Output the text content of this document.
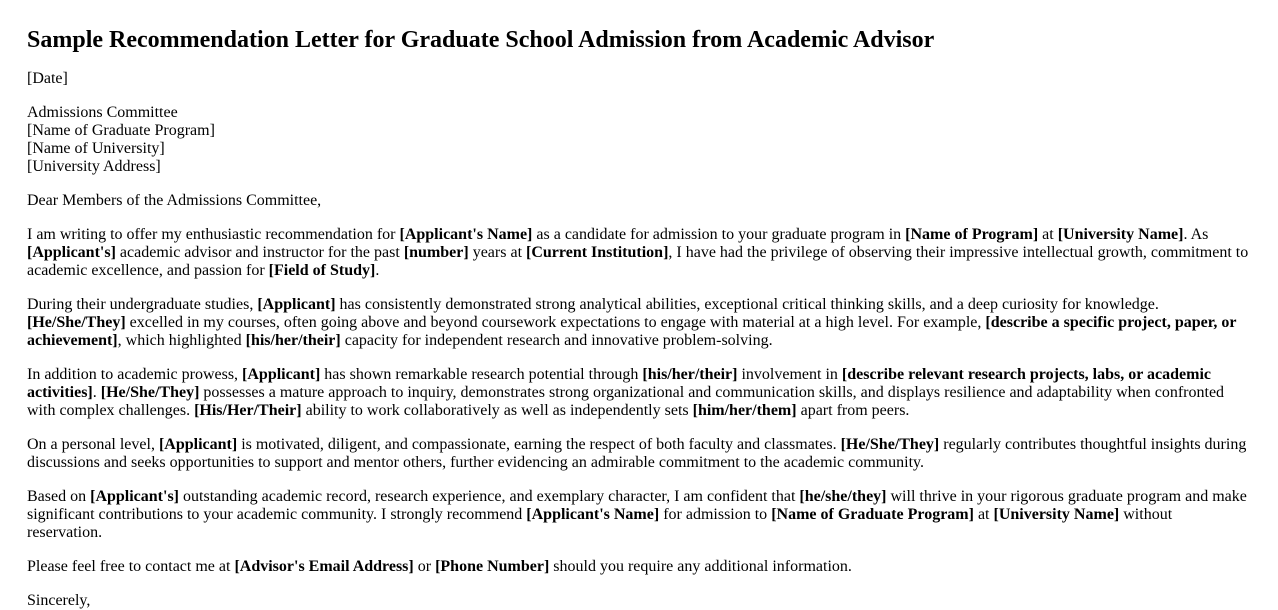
Sample Recommendation Letter for Graduate School Admission from Academic Advisor

[Date]

Admissions Committee
[Name of Graduate Program]
[Name of University]
[University Address]

Dear Members of the Admissions Committee,

I am writing to offer my enthusiastic recommendation for [Applicant's Name] as a candidate for admission to your graduate program in [Name of Program] at [University Name]. As [Applicant's] academic advisor and instructor for the past [number] years at [Current Institution], I have had the privilege of observing their impressive intellectual growth, commitment to academic excellence, and passion for [Field of Study].

During their undergraduate studies, [Applicant] has consistently demonstrated strong analytical abilities, exceptional critical thinking skills, and a deep curiosity for knowledge. [He/She/They] excelled in my courses, often going above and beyond coursework expectations to engage with material at a high level. For example, [describe a specific project, paper, or achievement], which highlighted [his/her/their] capacity for independent research and innovative problem-solving.

In addition to academic prowess, [Applicant] has shown remarkable research potential through [his/her/their] involvement in [describe relevant research projects, labs, or academic activities]. [He/She/They] possesses a mature approach to inquiry, demonstrates strong organizational and communication skills, and displays resilience and adaptability when confronted with complex challenges. [His/Her/Their] ability to work collaboratively as well as independently sets [him/her/them] apart from peers.

On a personal level, [Applicant] is motivated, diligent, and compassionate, earning the respect of both faculty and classmates. [He/She/They] regularly contributes thoughtful insights during discussions and seeks opportunities to support and mentor others, further evidencing an admirable commitment to the academic community.

Based on [Applicant's] outstanding academic record, research experience, and exemplary character, I am confident that [he/she/they] will thrive in your rigorous graduate program and make significant contributions to your academic community. I strongly recommend [Applicant's Name] for admission to [Name of Graduate Program] at [University Name] without reservation.

Please feel free to contact me at [Advisor's Email Address] or [Phone Number] should you require any additional information.

Sincerely,
